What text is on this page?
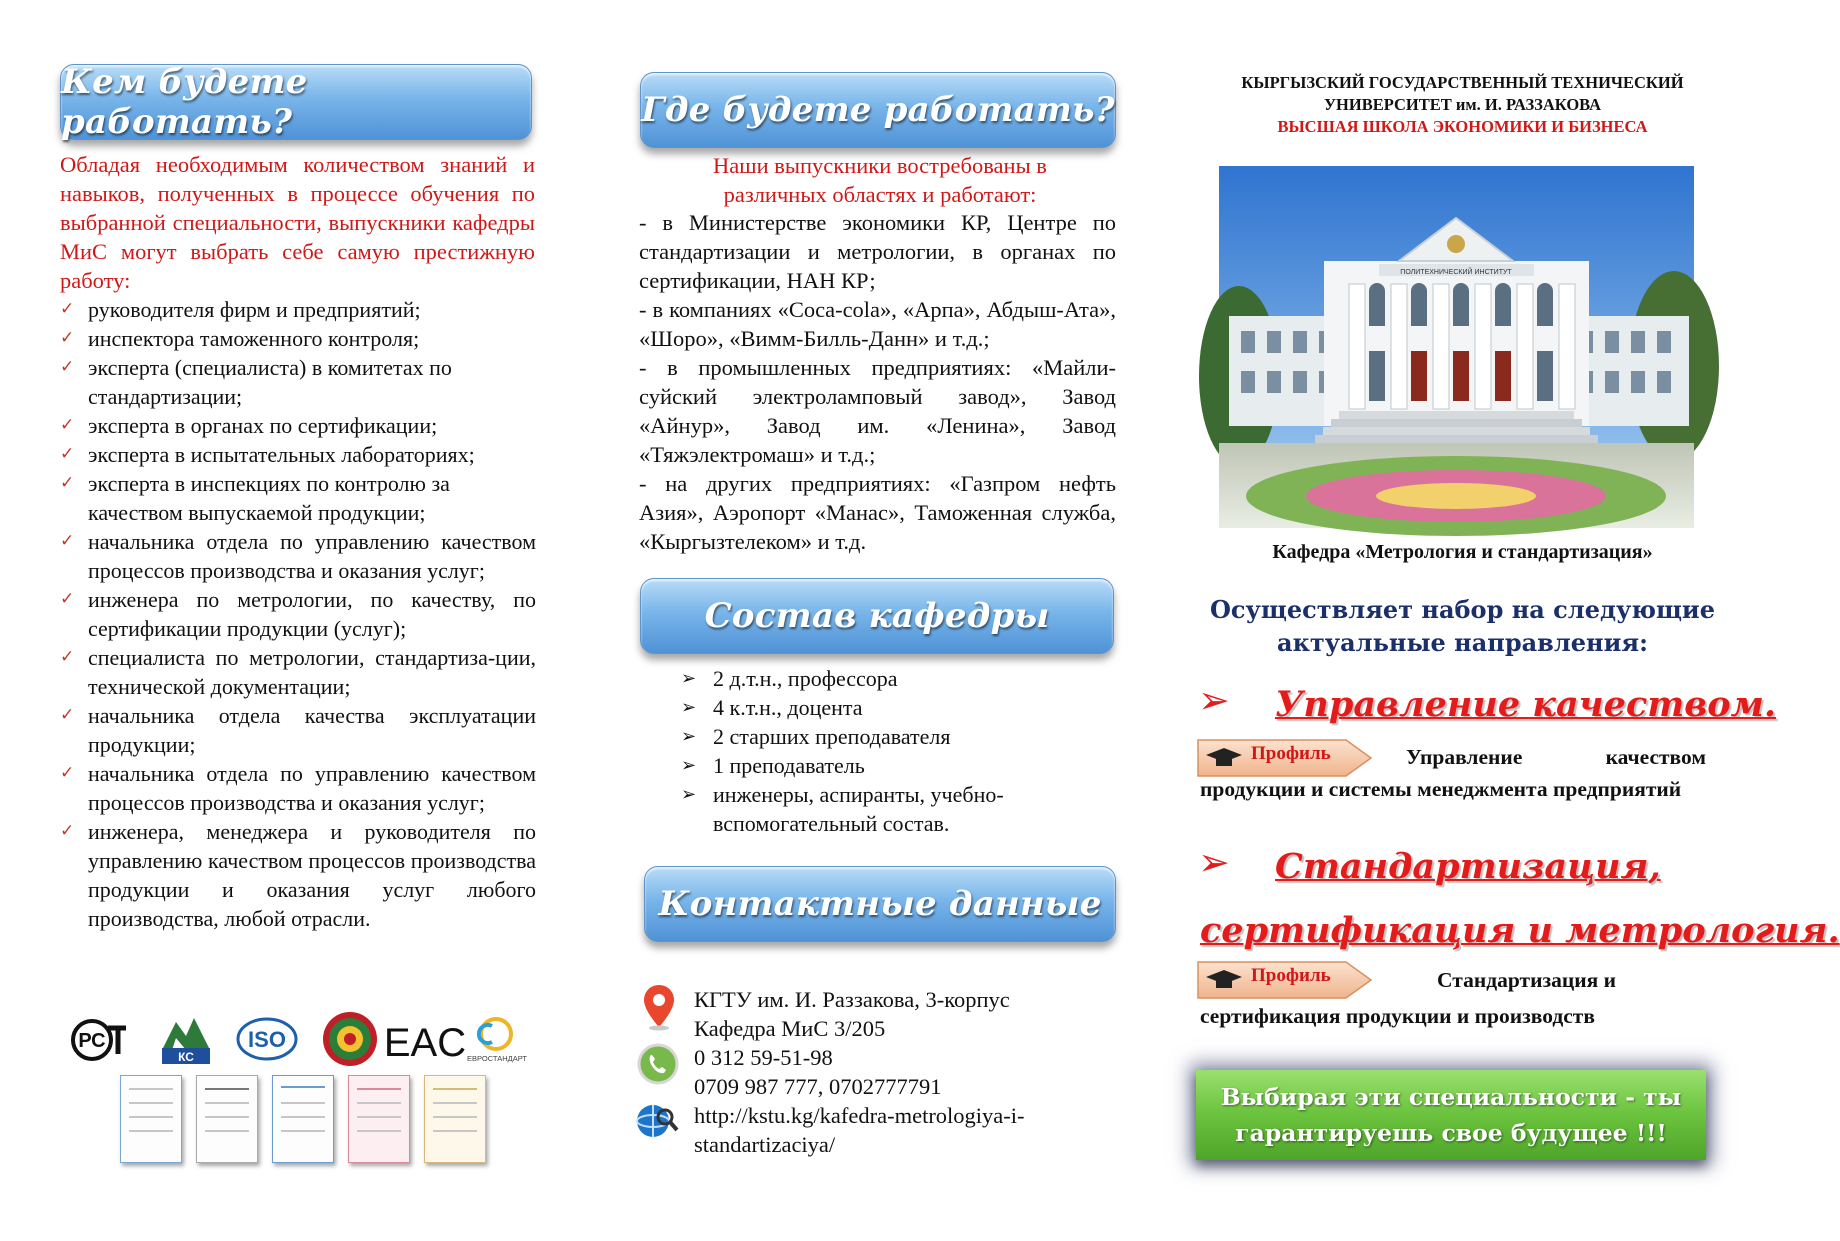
Кем будете работать?
Обладая необходимым количеством знаний и навыков, полученных в процессе обучения по выбранной специальности, выпускники кафедры МиС могут выбрать себе самую престижную работу:
✓ руководителя фирм и предприятий;
✓ инспектора таможенного контроля;
✓ эксперта (специалиста) в комитетах по стандартизации;
✓ эксперта в органах по сертификации;
✓ эксперта в испытательных лабораториях;
✓ эксперта в инспекциях по контролю за качеством выпускаемой продукции;
✓ начальника отдела по управлению качеством процессов производства и оказания услуг;
✓ инженера по метрологии, по качеству, по сертификации продукции (услуг);
✓ специалиста по метрологии, стандартиза-ции, технической документации;
✓ начальника отдела качества эксплуатации продукции;
✓ начальника отдела по управлению качеством процессов производства и оказания услуг;
✓ инженера, менеджера и руководителя по управлению качеством процессов производства продукции и оказания услуг любого производства, любой отрасли.
РС
КС
ISO EAC ЕВРОСТАНДАРТ
Где будете работать?
Наши выпускники востребованы в различных областях и работают:

- в Министерстве экономики КР, Центре по стандартизации и метрологии, в органах по сертификации, НАН КР;

- в компаниях «Coca-cola», «Арпа», Абдыш-Ата», «Шоро», «Вимм-Билль-Данн» и т.д.;

- в промышленных предприятиях: «Майли-суйский электроламповый завод», Завод «Айнур», Завод им. «Ленина», Завод «Тяжэлектромаш» и т.д.;

- на других предприятиях: «Газпром нефть Азия», Аэропорт «Манас», Таможенная служба, «Кыргызтелеком» и т.д.

Состав кафедры
➢ 2 д.т.н., профессора
➢ 4 к.т.н., доцента
➢ 2 старших преподавателя
➢ 1 преподаватель
➢ инженеры, аспиранты, учебно-вспомогательный состав.
Контактные данные
КГТУ им. И. Раззакова, 3-корпус
Кафедра МиС 3/205
0 312 59-51-98
0709 987 777, 0702777791
http://kstu.kg/kafedra-metrologiya-i-
standartizaciya/
КЫРГЫЗСКИЙ ГОСУДАРСТВЕННЫЙ ТЕХНИЧЕСКИЙ
УНИВЕРСИТЕТ им. И. РАЗЗАКОВА
ВЫСШАЯ ШКОЛА ЭКОНОМИКИ И БИЗНЕСА
ПОЛИТЕХНИЧЕСКИЙ ИНСТИТУТ
Кафедра «Метрология и стандартизация»
Осуществляет набор на следующие
актуальные направления:
➢ Управление качеством.
Профиль	Управление качеством продукции и системы менеджмента предприятий
➢ Стандартизация,
сертификация и метрология.
Профиль	Стандартизация и
сертификация продукции и производств
Выбирая эти специальности - ты
гарантируешь свое будущее !!!
